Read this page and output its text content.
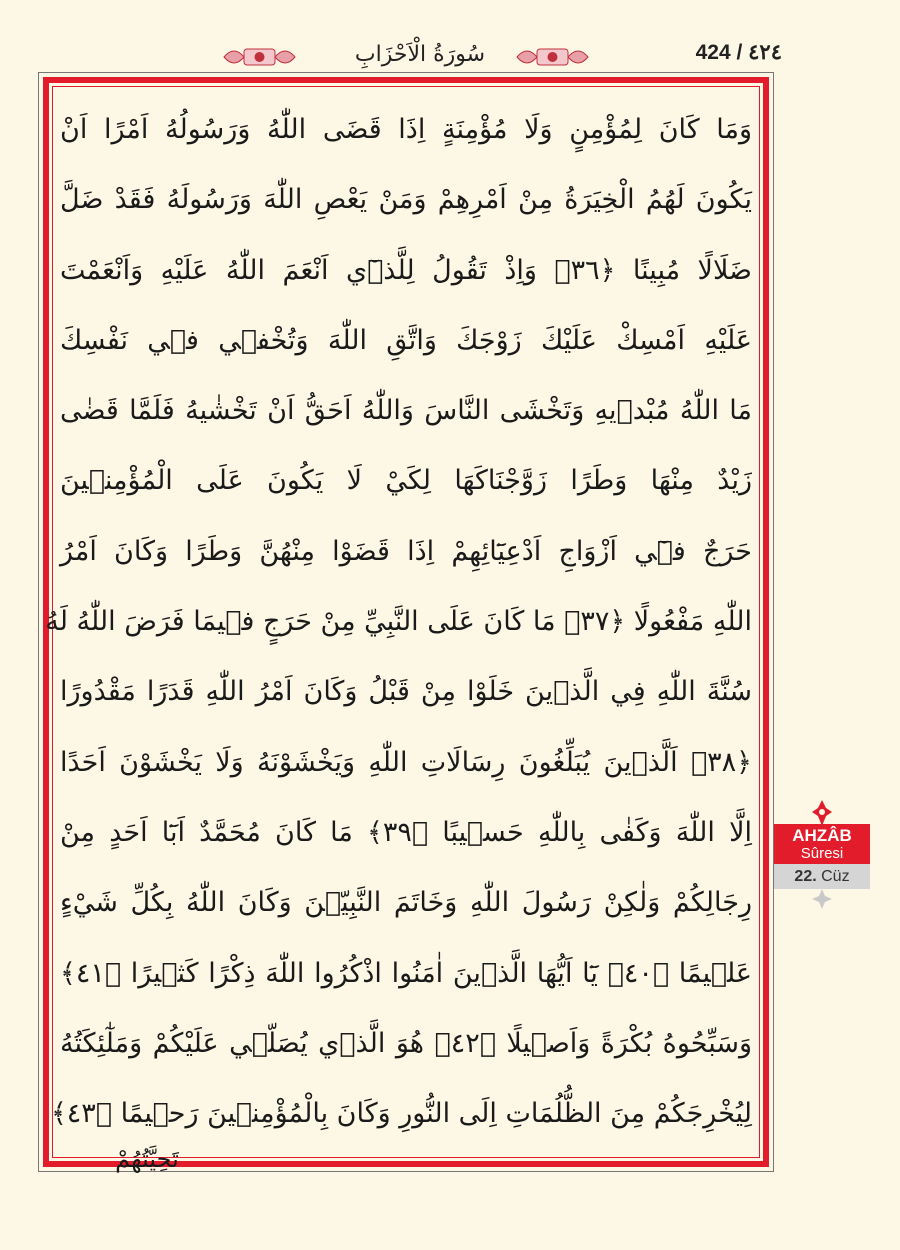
سُورَةُ الْاَحْزَابِ	424 / ٤٢٤
وَمَا كَانَ لِمُؤْمِنٍ وَلَا مُؤْمِنَةٍ اِذَا قَضَى اللّٰهُ وَرَسُولُهُ اَمْرًا اَنْ
يَكُونَ لَهُمُ الْخِيَرَةُ مِنْ اَمْرِهِمْ وَمَنْ يَعْصِ اللّٰهَ وَرَسُولَهُ فَقَدْ ضَلَّ
ضَلَالًا مُبِينًا ﴿٣٦﴾ وَاِذْ تَقُولُ لِلَّذ۪ٓي اَنْعَمَ اللّٰهُ عَلَيْهِ وَاَنْعَمْتَ
عَلَيْهِ اَمْسِكْ عَلَيْكَ زَوْجَكَ وَاتَّقِ اللّٰهَ وَتُخْف۪ي ف۪ي نَفْسِكَ
مَا اللّٰهُ مُبْد۪يهِ وَتَخْشَى النَّاسَ وَاللّٰهُ اَحَقُّ اَنْ تَخْشٰيهُ فَلَمَّا قَضٰى
زَيْدٌ مِنْهَا وَطَرًا زَوَّجْنَاكَهَا لِكَيْ لَا يَكُونَ عَلَى الْمُؤْمِن۪ينَ
حَرَجٌ ف۪ٓي اَزْوَاجِ اَدْعِيَٓائِهِمْ اِذَا قَضَوْا مِنْهُنَّ وَطَرًا وَكَانَ اَمْرُ
اللّٰهِ مَفْعُولًا ﴿٣٧﴾ مَا كَانَ عَلَى النَّبِيِّ مِنْ حَرَجٍ ف۪يمَا فَرَضَ اللّٰهُ لَهُ
سُنَّةَ اللّٰهِ فِي الَّذ۪ينَ خَلَوْا مِنْ قَبْلُ وَكَانَ اَمْرُ اللّٰهِ قَدَرًا مَقْدُورًا
﴿٣٨﴾ اَلَّذ۪ينَ يُبَلِّغُونَ رِسَالَاتِ اللّٰهِ وَيَخْشَوْنَهُ وَلَا يَخْشَوْنَ اَحَدًا
اِلَّا اللّٰهَ وَكَفٰى بِاللّٰهِ حَس۪يبًا ﴿٣٩﴾ مَا كَانَ مُحَمَّدٌ اَبَٓا اَحَدٍ مِنْ
رِجَالِكُمْ وَلٰكِنْ رَسُولَ اللّٰهِ وَخَاتَمَ النَّبِيّ۪نَ وَكَانَ اللّٰهُ بِكُلِّ شَيْءٍ
عَل۪يمًا ﴿٤٠﴾ يَٓا اَيُّهَا الَّذ۪ينَ اٰمَنُوا اذْكُرُوا اللّٰهَ ذِكْرًا كَث۪يرًا ﴿٤١﴾
وَسَبِّحُوهُ بُكْرَةً وَاَص۪يلًا ﴿٤٢﴾ هُوَ الَّذ۪ي يُصَلّ۪ي عَلَيْكُمْ وَمَلٰٓئِكَتُهُ
لِيُخْرِجَكُمْ مِنَ الظُّلُمَاتِ اِلَى النُّورِ وَكَانَ بِالْمُؤْمِن۪ينَ رَح۪يمًا ﴿٤٣﴾
تَحِيَّتُهُمْ
AHZÂB
Sûresi
22. Cüz
